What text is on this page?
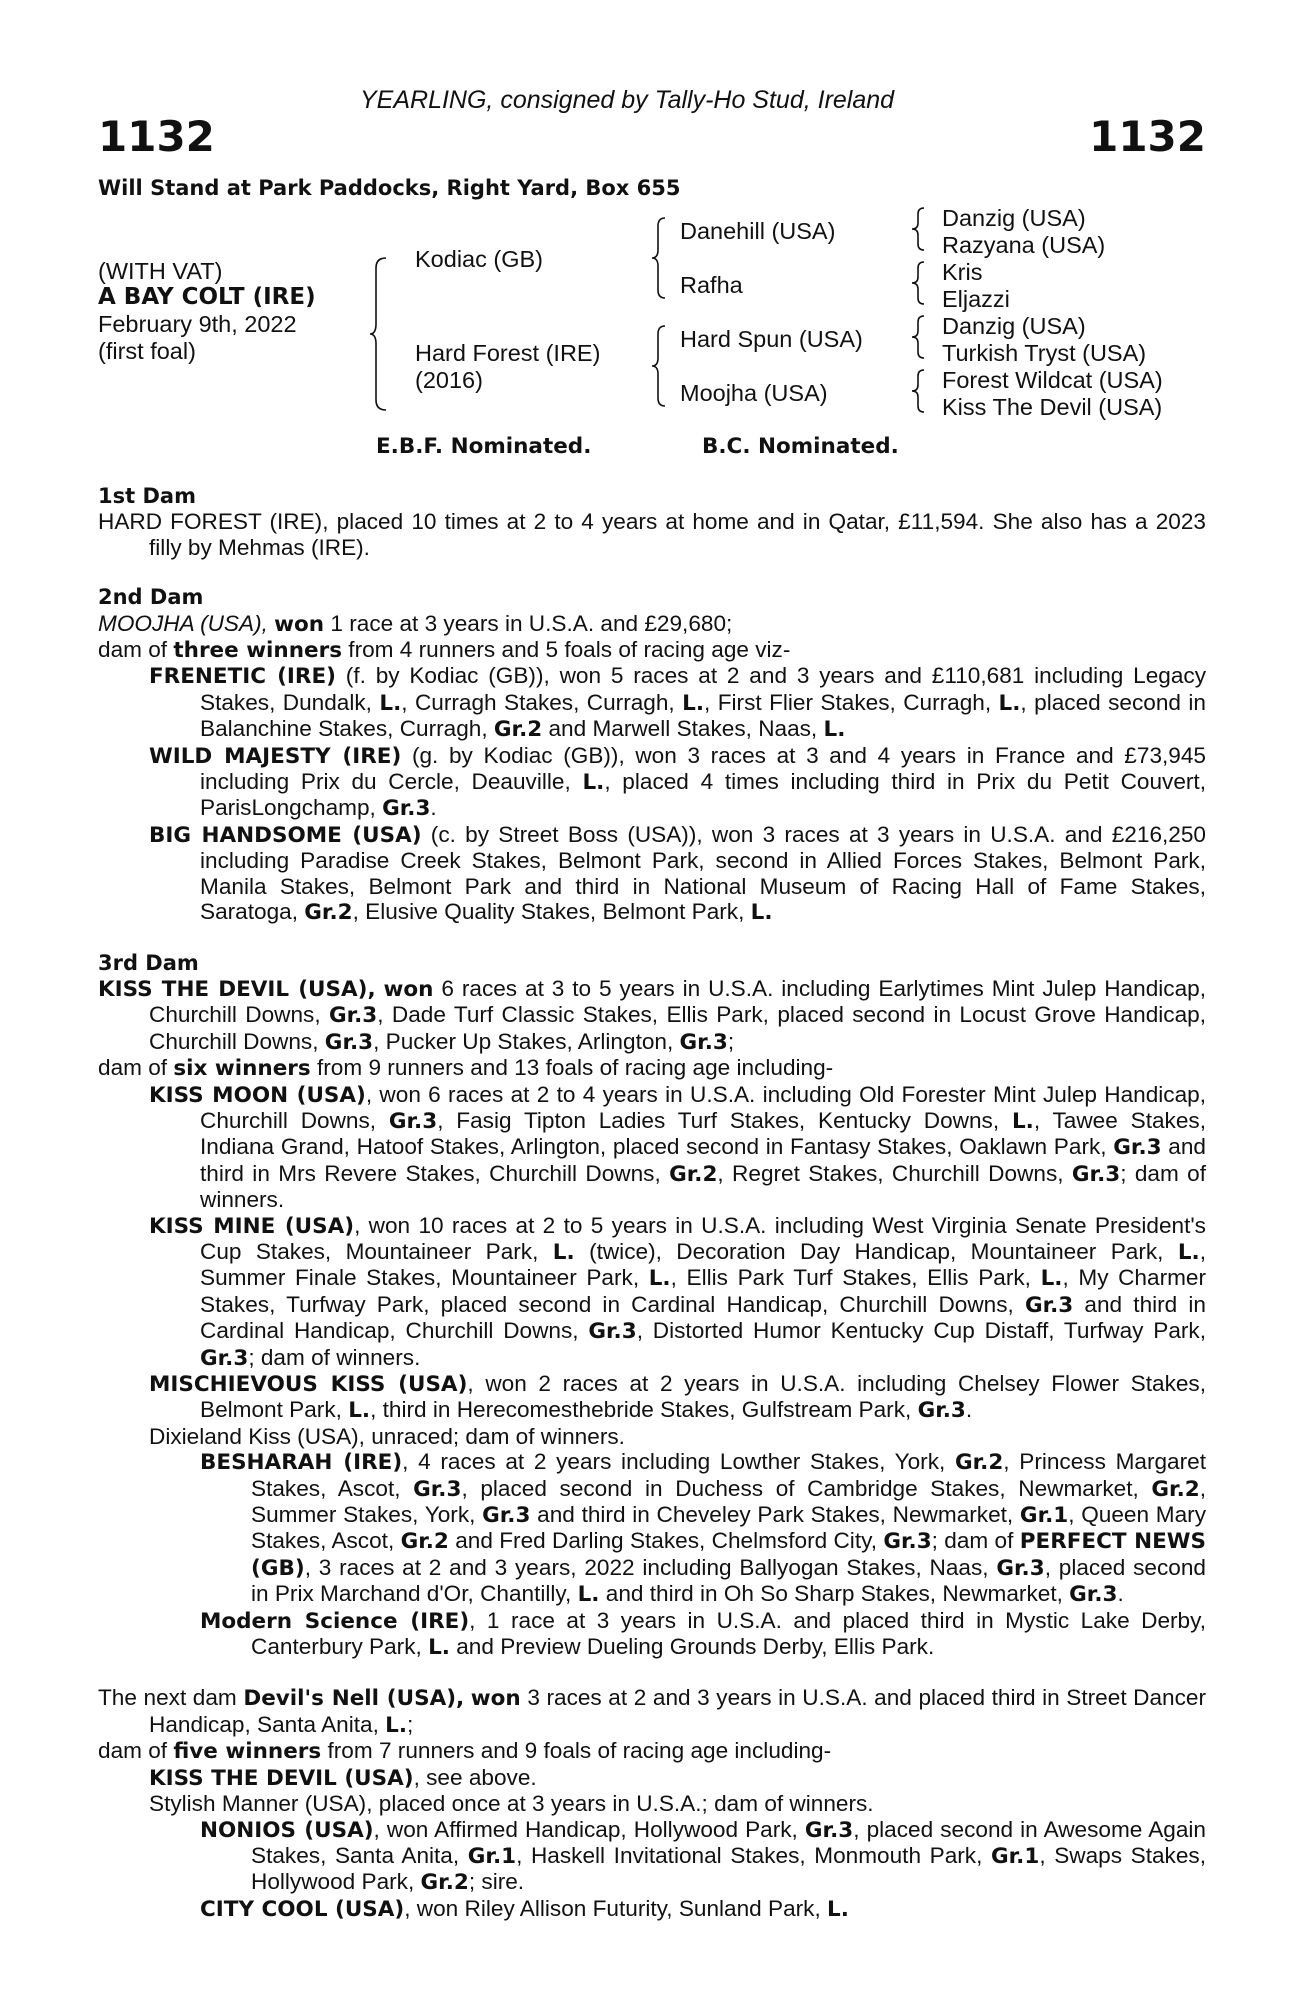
YEARLING, consigned by Tally-Ho Stud, Ireland
1132	1132
Will Stand at Park Paddocks, Right Yard, Box 655
(WITH VAT)
A BAY COLT (IRE)
February 9th, 2022
(first foal)
Kodiac (GB)
Hard Forest (IRE)
(2016)
Danehill (USA)
Rafha
Hard Spun (USA)
Moojha (USA)
Danzig (USA)
Razyana (USA)
Kris
Eljazzi
Danzig (USA)
Turkish Tryst (USA)
Forest Wildcat (USA)
Kiss The Devil (USA)
E.B.F. Nominated.	B.C. Nominated.
1st Dam
HARD FOREST (IRE), placed 10 times at 2 to 4 years at home and in Qatar, £11,594. She also has a 2023 filly by Mehmas (IRE).
2nd Dam
MOOJHA (USA), won 1 race at 3 years in U.S.A. and £29,680;
dam of three winners from 4 runners and 5 foals of racing age viz-
FRENETIC (IRE) (f. by Kodiac (GB)), won 5 races at 2 and 3 years and £110,681 including Legacy Stakes, Dundalk, L., Curragh Stakes, Curragh, L., First Flier Stakes, Curragh, L., placed second in Balanchine Stakes, Curragh, Gr.2 and Marwell Stakes, Naas, L.
WILD MAJESTY (IRE) (g. by Kodiac (GB)), won 3 races at 3 and 4 years in France and £73,945 including Prix du Cercle, Deauville, L., placed 4 times including third in Prix du Petit Couvert, ParisLongchamp, Gr.3.
BIG HANDSOME (USA) (c. by Street Boss (USA)), won 3 races at 3 years in U.S.A. and £216,250 including Paradise Creek Stakes, Belmont Park, second in Allied Forces Stakes, Belmont Park, Manila Stakes, Belmont Park and third in National Museum of Racing Hall of Fame Stakes, Saratoga, Gr.2, Elusive Quality Stakes, Belmont Park, L.
3rd Dam
KISS THE DEVIL (USA), won 6 races at 3 to 5 years in U.S.A. including Earlytimes Mint Julep Handicap, Churchill Downs, Gr.3, Dade Turf Classic Stakes, Ellis Park, placed second in Locust Grove Handicap, Churchill Downs, Gr.3, Pucker Up Stakes, Arlington, Gr.3;
dam of six winners from 9 runners and 13 foals of racing age including-
KISS MOON (USA), won 6 races at 2 to 4 years in U.S.A. including Old Forester Mint Julep Handicap, Churchill Downs, Gr.3, Fasig Tipton Ladies Turf Stakes, Kentucky Downs, L., Tawee Stakes, Indiana Grand, Hatoof Stakes, Arlington, placed second in Fantasy Stakes, Oaklawn Park, Gr.3 and third in Mrs Revere Stakes, Churchill Downs, Gr.2, Regret Stakes, Churchill Downs, Gr.3; dam of winners.
KISS MINE (USA), won 10 races at 2 to 5 years in U.S.A. including West Virginia Senate President's Cup Stakes, Mountaineer Park, L. (twice), Decoration Day Handicap, Mountaineer Park, L., Summer Finale Stakes, Mountaineer Park, L., Ellis Park Turf Stakes, Ellis Park, L., My Charmer Stakes, Turfway Park, placed second in Cardinal Handicap, Churchill Downs, Gr.3 and third in Cardinal Handicap, Churchill Downs, Gr.3, Distorted Humor Kentucky Cup Distaff, Turfway Park, Gr.3; dam of winners.
MISCHIEVOUS KISS (USA), won 2 races at 2 years in U.S.A. including Chelsey Flower Stakes, Belmont Park, L., third in Herecomesthebride Stakes, Gulfstream Park, Gr.3.
Dixieland Kiss (USA), unraced; dam of winners.
BESHARAH (IRE), 4 races at 2 years including Lowther Stakes, York, Gr.2, Princess Margaret Stakes, Ascot, Gr.3, placed second in Duchess of Cambridge Stakes, Newmarket, Gr.2, Summer Stakes, York, Gr.3 and third in Cheveley Park Stakes, Newmarket, Gr.1, Queen Mary Stakes, Ascot, Gr.2 and Fred Darling Stakes, Chelmsford City, Gr.3; dam of PERFECT NEWS (GB), 3 races at 2 and 3 years, 2022 including Ballyogan Stakes, Naas, Gr.3, placed second in Prix Marchand d'Or, Chantilly, L. and third in Oh So Sharp Stakes, Newmarket, Gr.3.
Modern Science (IRE), 1 race at 3 years in U.S.A. and placed third in Mystic Lake Derby, Canterbury Park, L. and Preview Dueling Grounds Derby, Ellis Park.
The next dam Devil's Nell (USA), won 3 races at 2 and 3 years in U.S.A. and placed third in Street Dancer Handicap, Santa Anita, L.;
dam of five winners from 7 runners and 9 foals of racing age including-
KISS THE DEVIL (USA), see above.
Stylish Manner (USA), placed once at 3 years in U.S.A.; dam of winners.
NONIOS (USA), won Affirmed Handicap, Hollywood Park, Gr.3, placed second in Awesome Again Stakes, Santa Anita, Gr.1, Haskell Invitational Stakes, Monmouth Park, Gr.1, Swaps Stakes, Hollywood Park, Gr.2; sire.
CITY COOL (USA), won Riley Allison Futurity, Sunland Park, L.
